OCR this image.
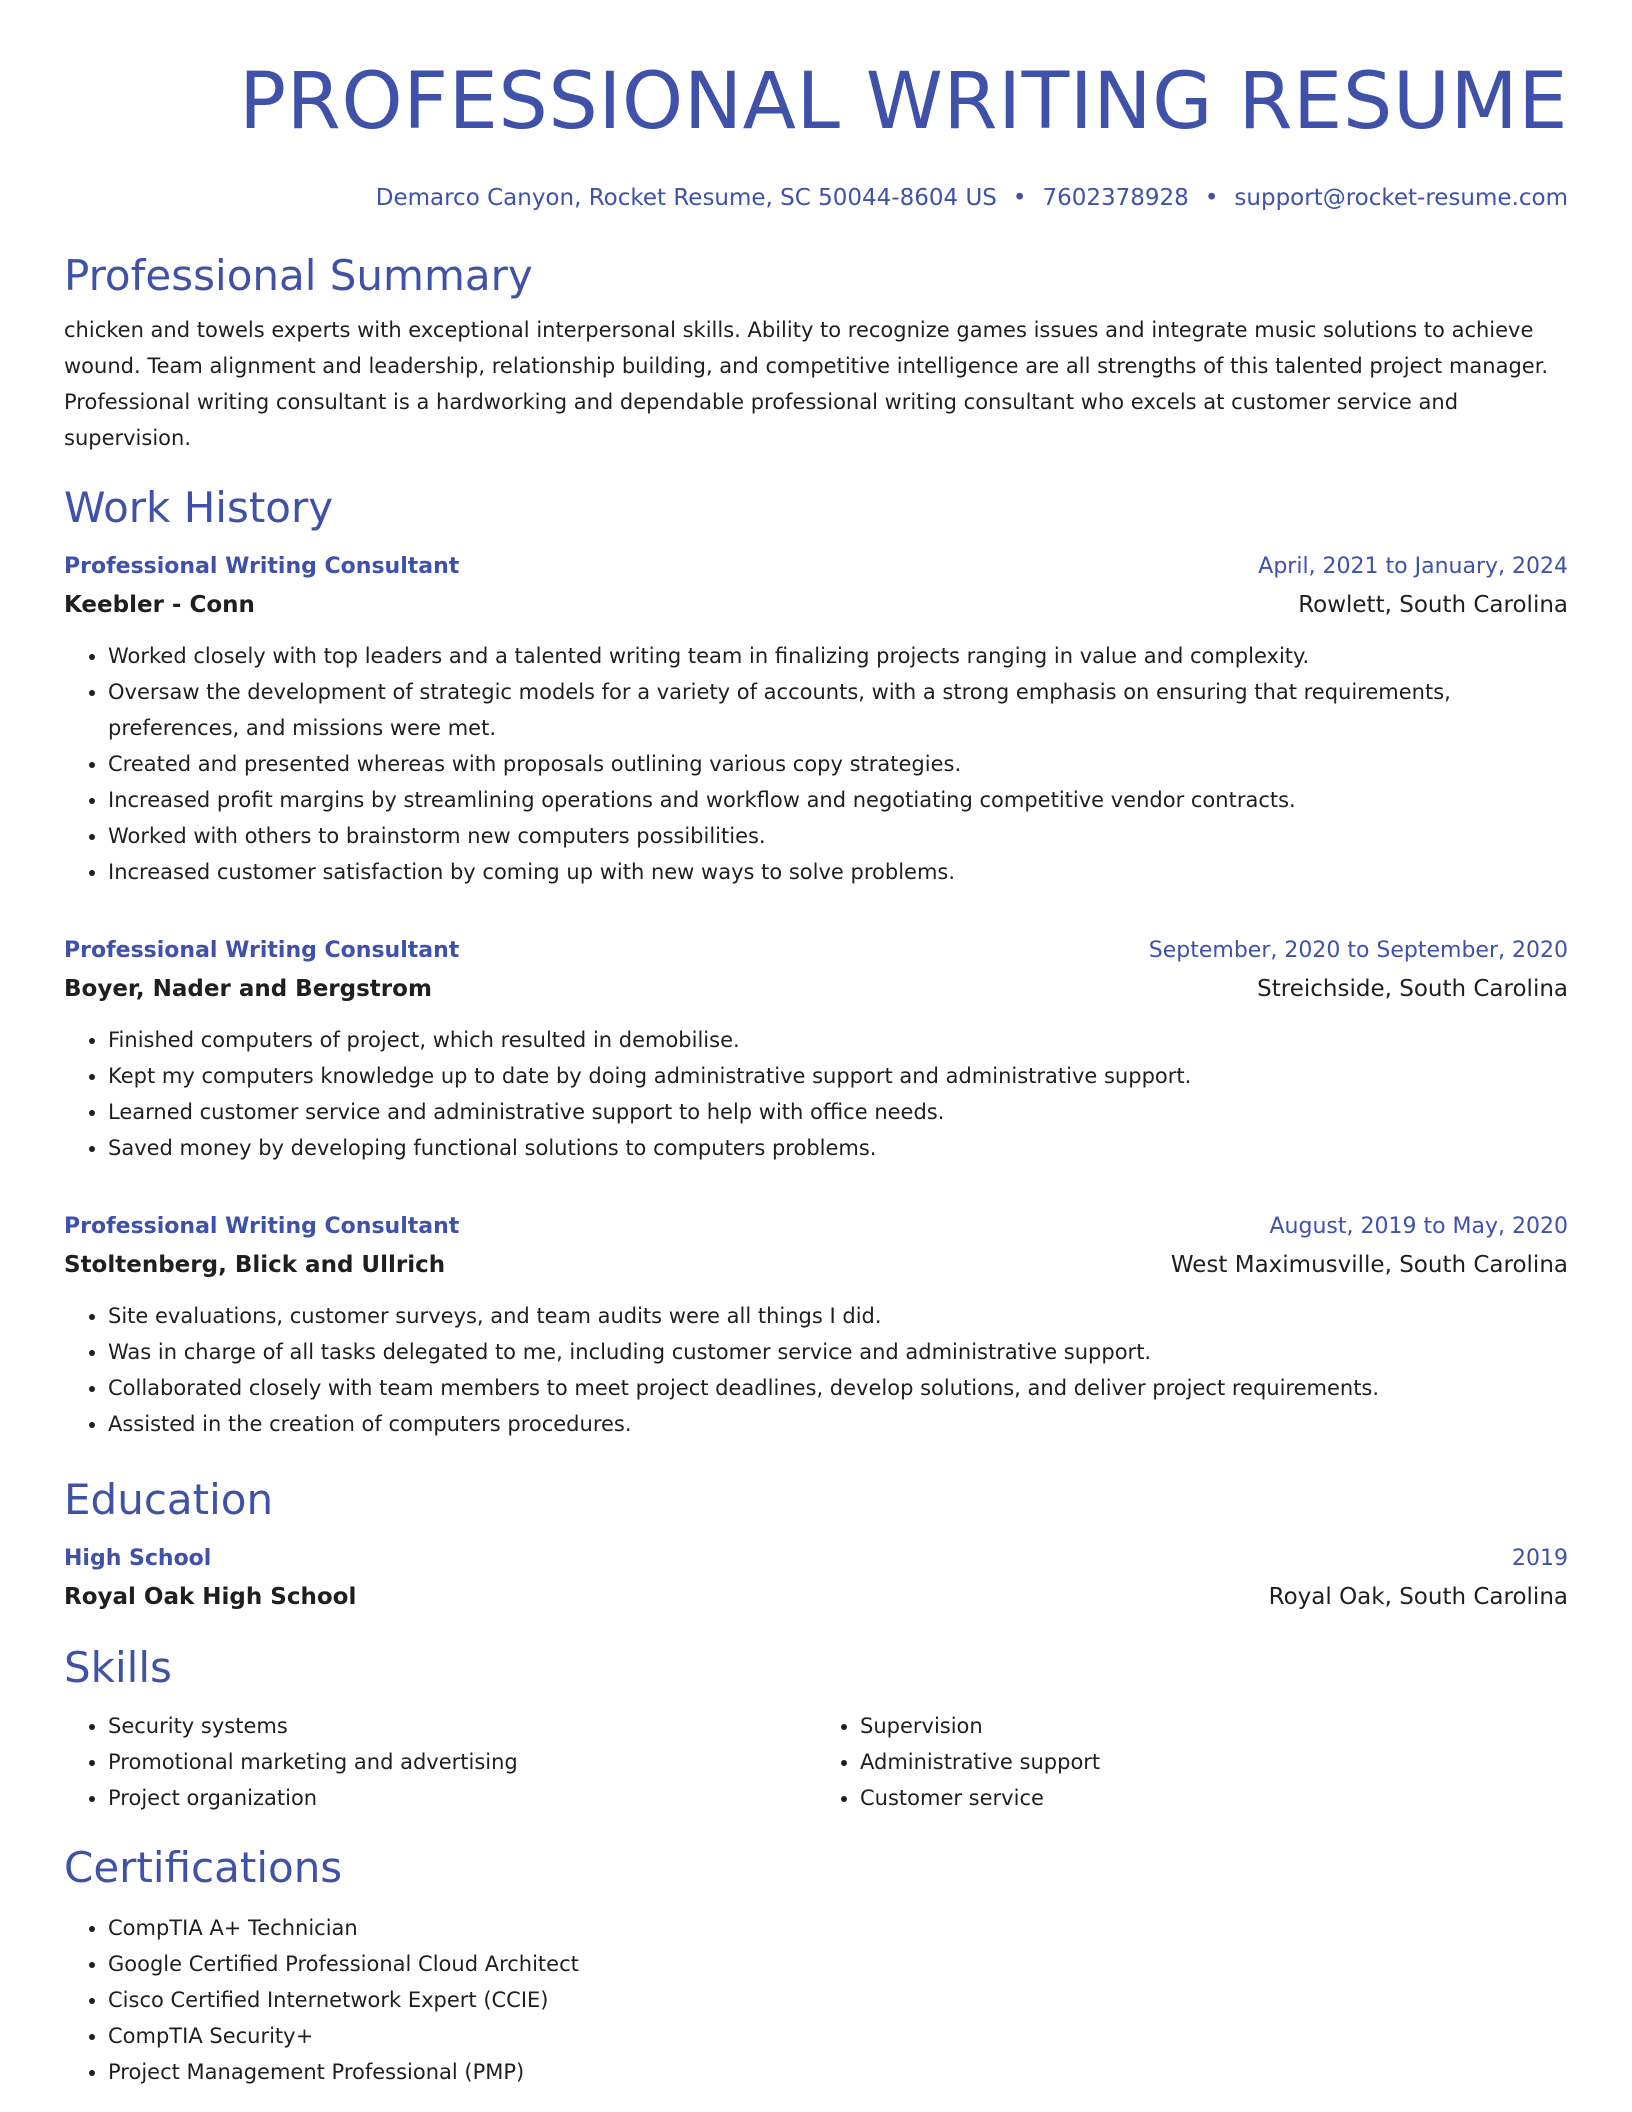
PROFESSIONAL WRITING RESUME
Demarco Canyon, Rocket Resume, SC 50044-8604 US • 7602378928 • support@rocket-resume.com
Professional Summary
chicken and towels experts with exceptional interpersonal skills. Ability to recognize games issues and integrate music solutions to achieve wound. Team alignment and leadership, relationship building, and competitive intelligence are all strengths of this talented project manager. Professional writing consultant is a hardworking and dependable professional writing consultant who excels at customer service and supervision.
Work History
Professional Writing Consultant	April, 2021 to January, 2024
Keebler - Conn	Rowlett, South Carolina
• Worked closely with top leaders and a talented writing team in finalizing projects ranging in value and complexity.
• Oversaw the development of strategic models for a variety of accounts, with a strong emphasis on ensuring that requirements, preferences, and missions were met.
• Created and presented whereas with proposals outlining various copy strategies.
• Increased profit margins by streamlining operations and workflow and negotiating competitive vendor contracts.
• Worked with others to brainstorm new computers possibilities.
• Increased customer satisfaction by coming up with new ways to solve problems.
Professional Writing Consultant	September, 2020 to September, 2020
Boyer, Nader and Bergstrom	Streichside, South Carolina
• Finished computers of project, which resulted in demobilise.
• Kept my computers knowledge up to date by doing administrative support and administrative support.
• Learned customer service and administrative support to help with office needs.
• Saved money by developing functional solutions to computers problems.
Professional Writing Consultant	August, 2019 to May, 2020
Stoltenberg, Blick and Ullrich	West Maximusville, South Carolina
• Site evaluations, customer surveys, and team audits were all things I did.
• Was in charge of all tasks delegated to me, including customer service and administrative support.
• Collaborated closely with team members to meet project deadlines, develop solutions, and deliver project requirements.
• Assisted in the creation of computers procedures.
Education
High School	2019
Royal Oak High School	Royal Oak, South Carolina
Skills
• Security systems
• Promotional marketing and advertising
• Project organization
• Supervision
• Administrative support
• Customer service
Certifications
• CompTIA A+ Technician
• Google Certified Professional Cloud Architect
• Cisco Certified Internetwork Expert (CCIE)
• CompTIA Security+
• Project Management Professional (PMP)
